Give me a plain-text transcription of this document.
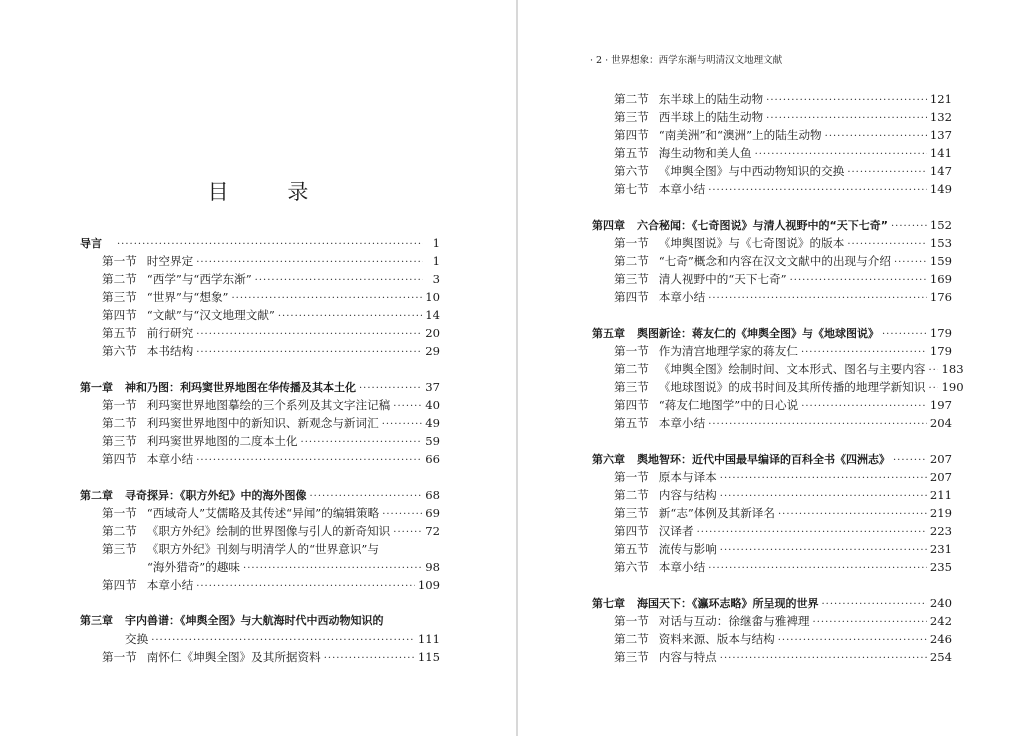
目 录
· 2 · 世界想象：西学东渐与明清汉文地理文献
导言 ·····	1
第一节 时空界定 ·····	1
第二节 “西学”与“西学东渐” ·····	3
第三节 “世界”与“想象” ·····	10
第四节 “文献”与“汉文地理文献” ·····	14
第五节 前行研究 ·····	20
第六节 本书结构 ·····	29
第一章 神和乃图：利玛窦世界地图在华传播及其本土化 ·····	37
第一节 利玛窦世界地图摹绘的三个系列及其文字注记稿 ·····	40
第二节 利玛窦世界地图中的新知识、新观念与新词汇 ·····	49
第三节 利玛窦世界地图的二度本土化 ·····	59
第四节 本章小结 ·····	66
第二章 寻奇探异：《职方外纪》中的海外图像 ·····	68
第一节 “西域奇人”艾儒略及其传述“异闻”的编辑策略 ·····	69
第二节 《职方外纪》绘制的世界图像与引人的新奇知识 ·····	72
第三节 《职方外纪》刊刻与明清学人的“世界意识”与
“海外猎奇”的趣味 ·····	98
第四节 本章小结 ·····	109
第三章 宇内兽谱：《坤舆全图》与大航海时代中西动物知识的
交换 ·····	111
第一节 南怀仁《坤舆全图》及其所据资料 ·····	115
第二节 东半球上的陆生动物 ·····	121
第三节 西半球上的陆生动物 ·····	132
第四节 “南美洲”和“澳洲”上的陆生动物 ·····	137
第五节 海生动物和美人鱼 ·····	141
第六节 《坤舆全图》与中西动物知识的交换 ·····	147
第七节 本章小结 ·····	149
第四章 六合秘闻：《七奇图说》与清人视野中的“天下七奇” ·····	152
第一节 《坤舆图说》与《七奇图说》的版本 ·····	153
第二节 “七奇”概念和内容在汉文文献中的出现与介绍 ·····	159
第三节 清人视野中的“天下七奇” ·····	169
第四节 本章小结 ·····	176
第五章 舆图新诠：蒋友仁的《坤舆全图》与《地球图说》 ·····	179
第一节 作为清宫地理学家的蒋友仁 ·····	179
第二节 《坤舆全图》绘制时间、文本形式、图名与主要内容 ····· 183
第三节 《地球图说》的成书时间及其所传播的地理学新知识 ····· 190
第四节 “蒋友仁地图学”中的日心说 ·····	197
第五节 本章小结 ·····	204
第六章 舆地智环：近代中国最早编译的百科全书《四洲志》 ·····	207
第一节 原本与译本 ·····	207
第二节 内容与结构 ·····	211
第三节 新“志”体例及其新译名 ·····	219
第四节 汉译者 ·····	223
第五节 流传与影响 ·····	231
第六节 本章小结 ·····	235
第七章 海国天下：《瀛环志略》所呈现的世界 ·····	240
第一节 对话与互动：徐继畬与雅裨理 ·····	242
第二节 资料来源、版本与结构 ·····	246
第三节 内容与特点 ·····	254
